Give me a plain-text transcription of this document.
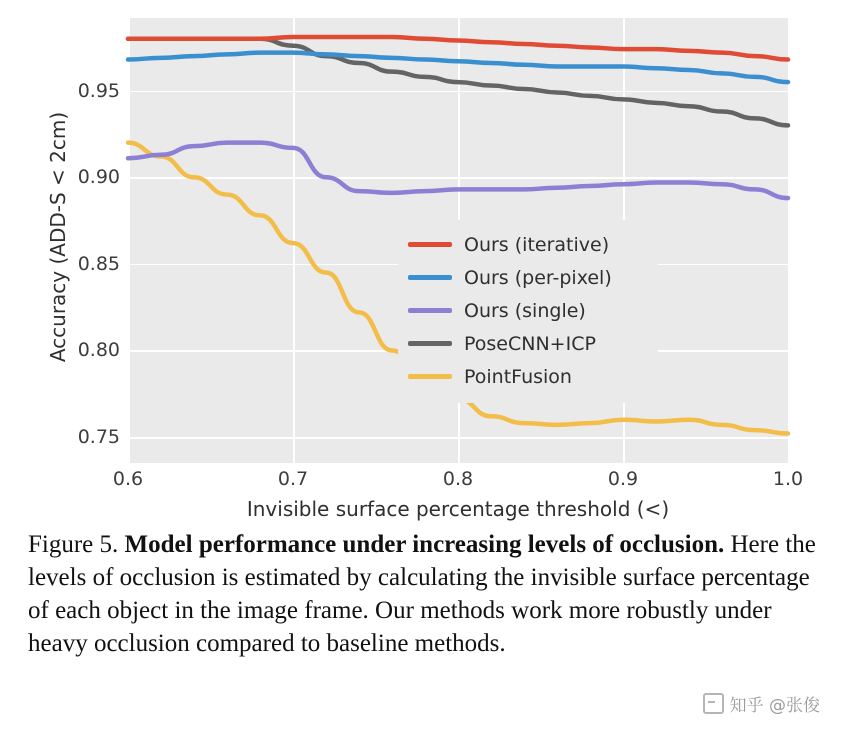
0.75
0.80
0.85
0.90
0.95
0.6	0.7	0.8	0.9	1.0
Invisible surface percentage threshold (<)
Accuracy (ADD-S < 2cm)	Ours (iterative)
Ours (per-pixel)
Ours (single)
PoseCNN+ICP
PointFusion
Figure 5. Model performance under increasing levels of occlusion. Here the levels of occlusion is estimated by calculating the invisible surface percentage of each object in the image frame. Our methods work more robustly under heavy occlusion compared to baseline methods.
知乎 @张俊
